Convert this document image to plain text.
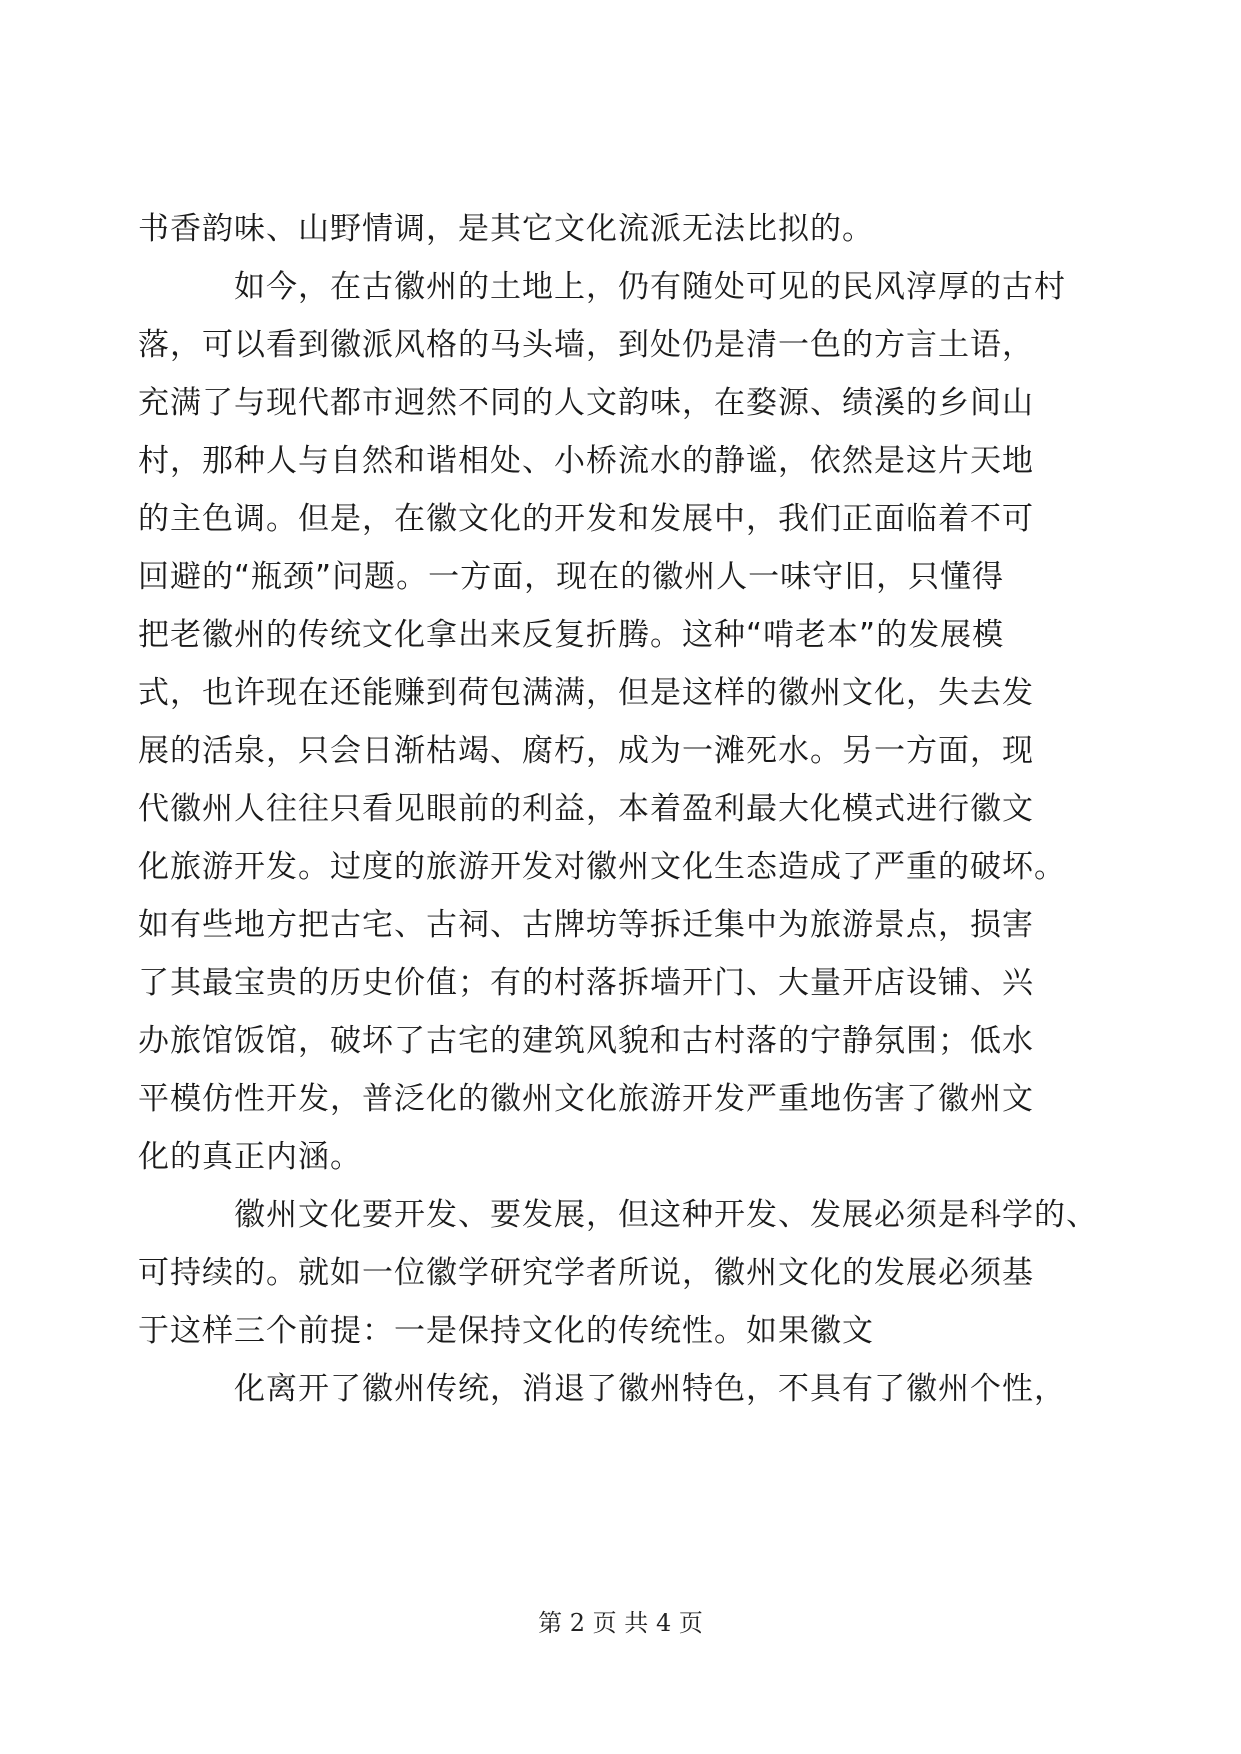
书香韵味、山野情调，是其它文化流派无法比拟的。
如今，在古徽州的土地上，仍有随处可见的民风淳厚的古村
落，可以看到徽派风格的马头墙，到处仍是清一色的方言土语，
充满了与现代都市迥然不同的人文韵味，在婺源、绩溪的乡间山
村，那种人与自然和谐相处、小桥流水的静谧，依然是这片天地
的主色调。但是，在徽文化的开发和发展中，我们正面临着不可
回避的“瓶颈”问题。一方面，现在的徽州人一味守旧，只懂得
把老徽州的传统文化拿出来反复折腾。这种“啃老本”的发展模
式，也许现在还能赚到荷包满满，但是这样的徽州文化，失去发
展的活泉，只会日渐枯竭、腐朽，成为一滩死水。另一方面，现
代徽州人往往只看见眼前的利益，本着盈利最大化模式进行徽文
化旅游开发。过度的旅游开发对徽州文化生态造成了严重的破坏。
如有些地方把古宅、古祠、古牌坊等拆迁集中为旅游景点，损害
了其最宝贵的历史价值；有的村落拆墙开门、大量开店设铺、兴
办旅馆饭馆，破坏了古宅的建筑风貌和古村落的宁静氛围；低水
平模仿性开发，普泛化的徽州文化旅游开发严重地伤害了徽州文
化的真正内涵。
徽州文化要开发、要发展，但这种开发、发展必须是科学的、
可持续的。就如一位徽学研究学者所说，徽州文化的发展必须基
于这样三个前提：一是保持文化的传统性。如果徽文
化离开了徽州传统，消退了徽州特色，不具有了徽州个性，
第 2 页 共 4 页
